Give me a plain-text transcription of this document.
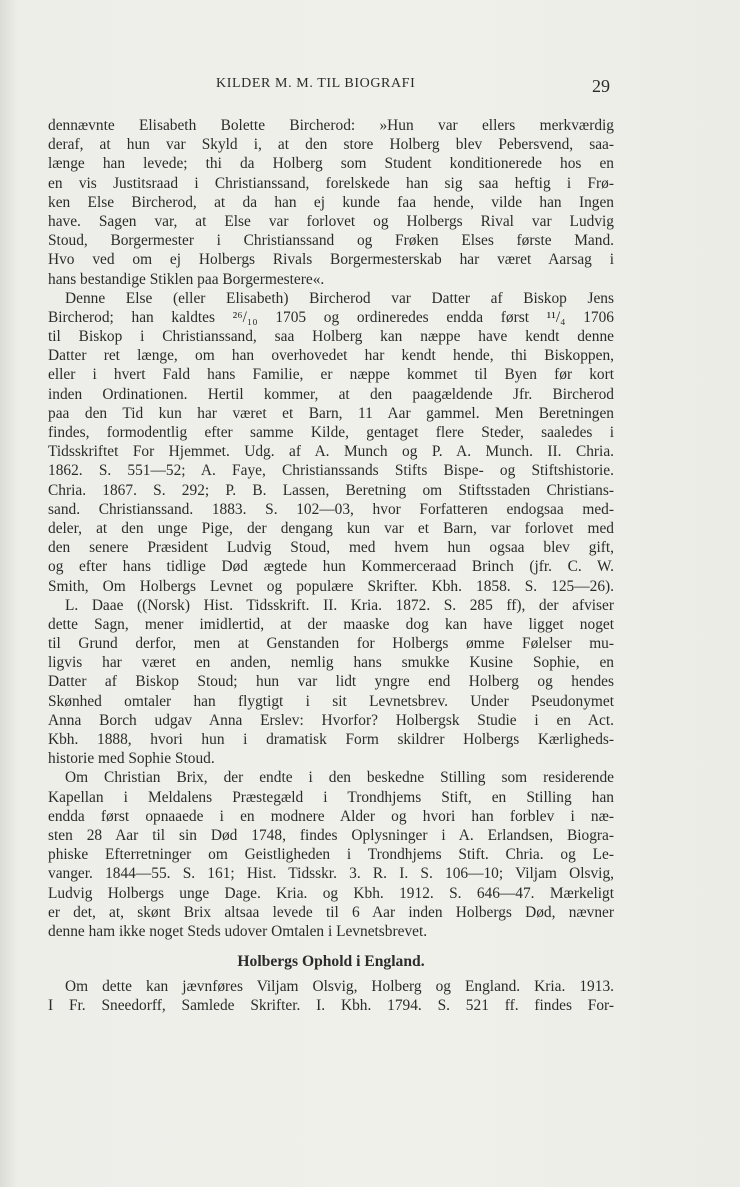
KILDER M. M. TIL BIOGRAFI	29
dennævnte Elisabeth Bolette Bircherod: »Hun var ellers merkværdig
deraf, at hun var Skyld i, at den store Holberg blev Pebersvend, saa-
længe han levede; thi da Holberg som Student konditionerede hos en
en vis Justitsraad i Christianssand, forelskede han sig saa heftig i Frø-
ken Else Bircherod, at da han ej kunde faa hende, vilde han Ingen
have. Sagen var, at Else var forlovet og Holbergs Rival var Ludvig
Stoud, Borgermester i Christianssand og Frøken Elses første Mand.
Hvo ved om ej Holbergs Rivals Borgermesterskab har været Aarsag i
hans bestandige Stiklen paa Borgermestere«.
Denne Else (eller Elisabeth) Bircherod var Datter af Biskop Jens
Bircherod; han kaldtes ²⁶/₁₀ 1705 og ordineredes endda først ¹¹/₄ 1706
til Biskop i Christianssand, saa Holberg kan næppe have kendt denne
Datter ret længe, om han overhovedet har kendt hende, thi Biskoppen,
eller i hvert Fald hans Familie, er næppe kommet til Byen før kort
inden Ordinationen. Hertil kommer, at den paagældende Jfr. Bircherod
paa den Tid kun har været et Barn, 11 Aar gammel. Men Beretningen
findes, formodentlig efter samme Kilde, gentaget flere Steder, saaledes i
Tidsskriftet For Hjemmet. Udg. af A. Munch og P. A. Munch. II. Chria.
1862. S. 551—52; A. Faye, Christianssands Stifts Bispe- og Stiftshistorie.
Chria. 1867. S. 292; P. B. Lassen, Beretning om Stiftsstaden Christians-
sand. Christianssand. 1883. S. 102—03, hvor Forfatteren endogsaa med-
deler, at den unge Pige, der dengang kun var et Barn, var forlovet med
den senere Præsident Ludvig Stoud, med hvem hun ogsaa blev gift,
og efter hans tidlige Død ægtede hun Kommerceraad Brinch (jfr. C. W.
Smith, Om Holbergs Levnet og populære Skrifter. Kbh. 1858. S. 125—26).
L. Daae ((Norsk) Hist. Tidsskrift. II. Kria. 1872. S. 285 ff), der afviser
dette Sagn, mener imidlertid, at der maaske dog kan have ligget noget
til Grund derfor, men at Genstanden for Holbergs ømme Følelser mu-
ligvis har været en anden, nemlig hans smukke Kusine Sophie, en
Datter af Biskop Stoud; hun var lidt yngre end Holberg og hendes
Skønhed omtaler han flygtigt i sit Levnetsbrev. Under Pseudonymet
Anna Borch udgav Anna Erslev: Hvorfor? Holbergsk Studie i en Act.
Kbh. 1888, hvori hun i dramatisk Form skildrer Holbergs Kærligheds-
historie med Sophie Stoud.
Om Christian Brix, der endte i den beskedne Stilling som residerende
Kapellan i Meldalens Præstegæld i Trondhjems Stift, en Stilling han
endda først opnaaede i en modnere Alder og hvori han forblev i næ-
sten 28 Aar til sin Død 1748, findes Oplysninger i A. Erlandsen, Biogra-
phiske Efterretninger om Geistligheden i Trondhjems Stift. Chria. og Le-
vanger. 1844—55. S. 161; Hist. Tidsskr. 3. R. I. S. 106—10; Viljam Olsvig,
Ludvig Holbergs unge Dage. Kria. og Kbh. 1912. S. 646—47. Mærkeligt
er det, at, skønt Brix altsaa levede til 6 Aar inden Holbergs Død, nævner
denne ham ikke noget Steds udover Omtalen i Levnetsbrevet.
Holbergs Ophold i England.
Om dette kan jævnføres Viljam Olsvig, Holberg og England. Kria. 1913.
I Fr. Sneedorff, Samlede Skrifter. I. Kbh. 1794. S. 521 ff. findes For-
